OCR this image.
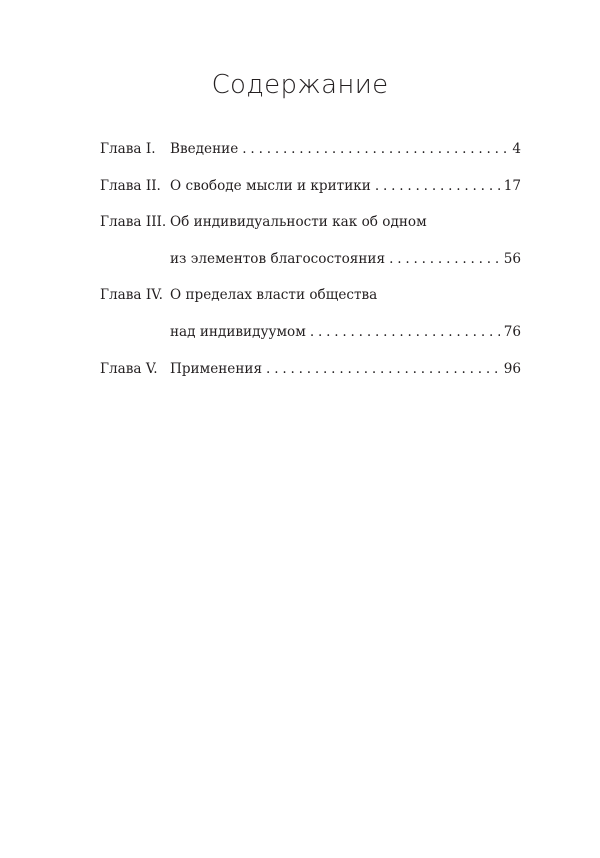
Содержание
Глава I.	Введение . . .	4
Глава II. О свободе мысли и критики . . .	17
Глава III. Об индивидуальности как об одном
из элементов благосостояния . . .	56
Глава IV. О пределах власти общества
над индивидуумом . . .	76
Глава V. Применения . . .	96
